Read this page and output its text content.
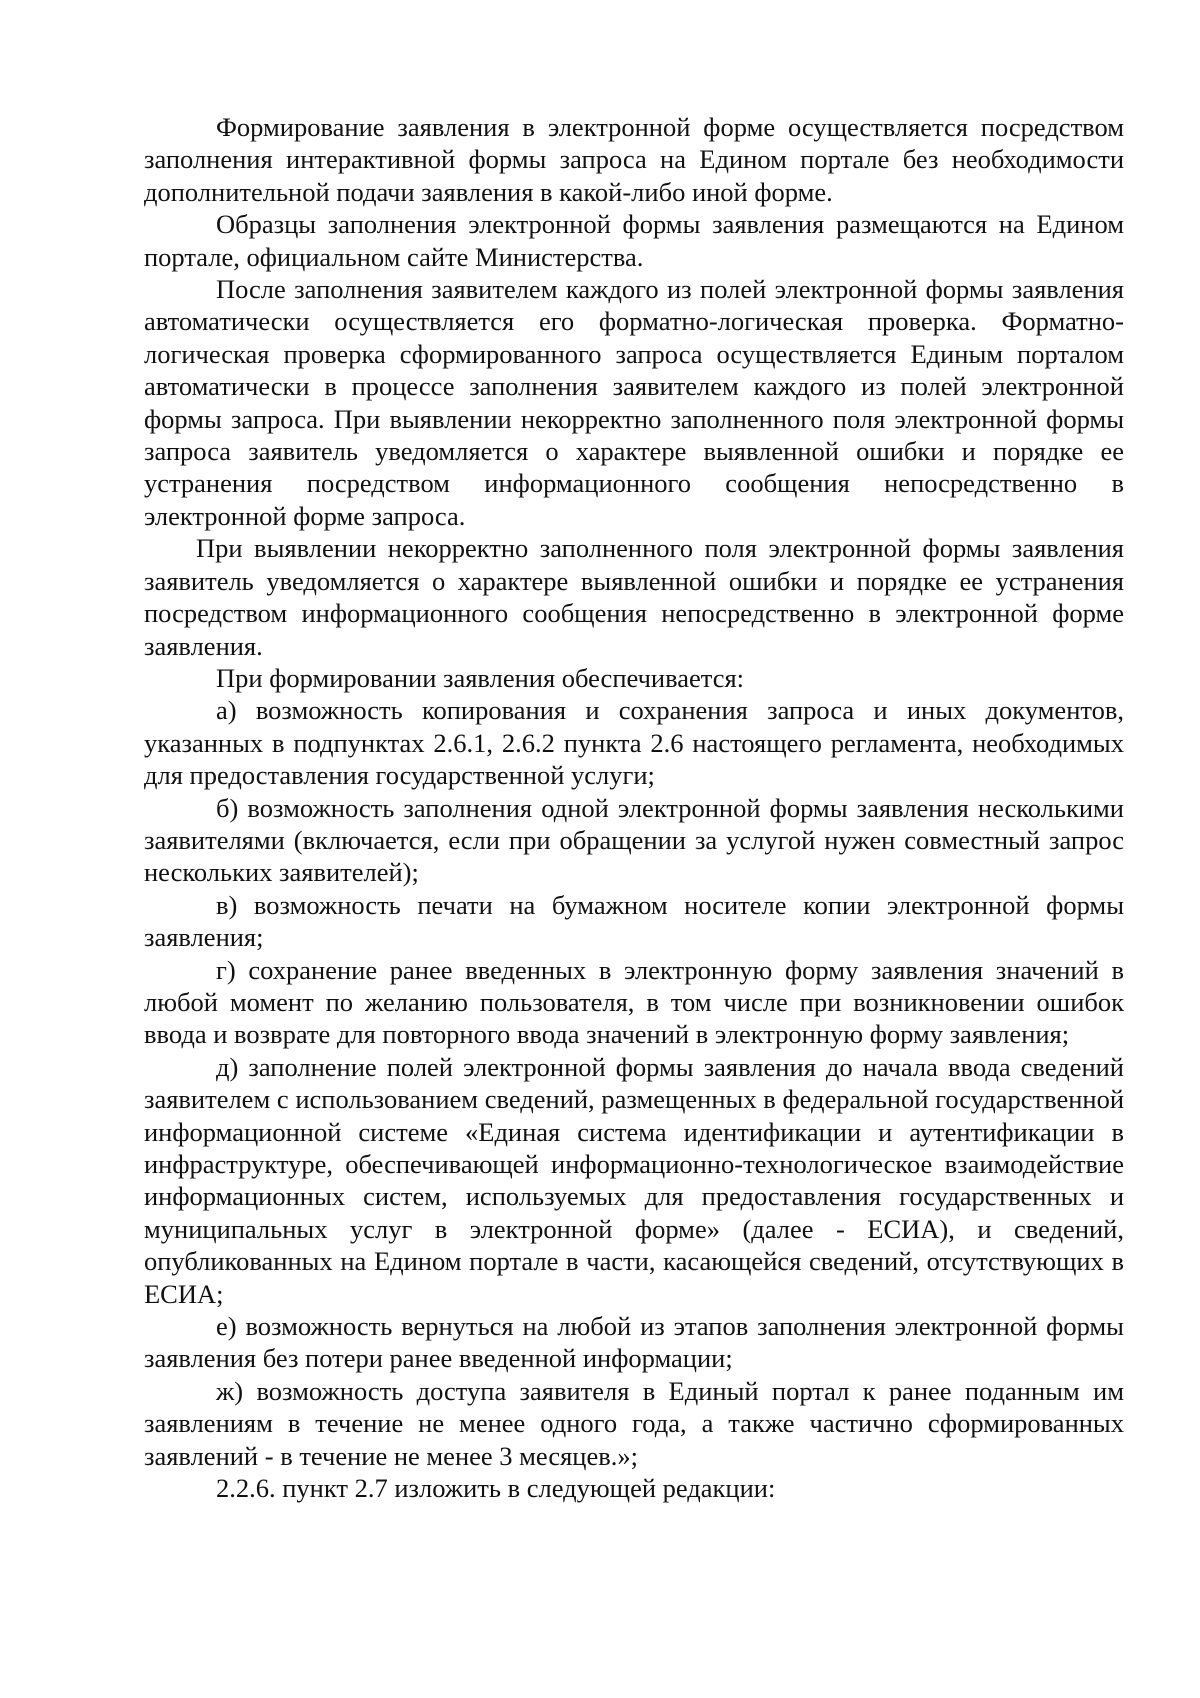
Формирование заявления в электронной форме осуществляется посредством заполнения интерактивной формы запроса на Едином портале без необходимости дополнительной подачи заявления в какой-либо иной форме.

Образцы заполнения электронной формы заявления размещаются на Едином портале, официальном сайте Министерства.

После заполнения заявителем каждого из полей электронной формы заявления автоматически осуществляется его форматно-логическая проверка. Форматно-логическая проверка сформированного запроса осуществляется Единым порталом автоматически в процессе заполнения заявителем каждого из полей электронной формы запроса. При выявлении некорректно заполненного поля электронной формы запроса заявитель уведомляется о характере выявленной ошибки и порядке ее устранения посредством информационного сообщения непосредственно в электронной форме запроса.

При выявлении некорректно заполненного поля электронной формы заявления заявитель уведомляется о характере выявленной ошибки и порядке ее устранения посредством информационного сообщения непосредственно в электронной форме заявления.

При формировании заявления обеспечивается:

а) возможность копирования и сохранения запроса и иных документов, указанных в подпунктах 2.6.1, 2.6.2 пункта 2.6 настоящего регламента, необходимых для предоставления государственной услуги;

б) возможность заполнения одной электронной формы заявления несколькими заявителями (включается, если при обращении за услугой нужен совместный запрос нескольких заявителей);

в) возможность печати на бумажном носителе копии электронной формы заявления;

г) сохранение ранее введенных в электронную форму заявления значений в любой момент по желанию пользователя, в том числе при возникновении ошибок ввода и возврате для повторного ввода значений в электронную форму заявления;

д) заполнение полей электронной формы заявления до начала ввода сведений заявителем с использованием сведений, размещенных в федеральной государственной информационной системе «Единая система идентификации и аутентификации в инфраструктуре, обеспечивающей информационно-технологическое взаимодействие информационных систем, используемых для предоставления государственных и муниципальных услуг в электронной форме» (далее - ЕСИА), и сведений, опубликованных на Едином портале в части, касающейся сведений, отсутствующих в ЕСИА;

е) возможность вернуться на любой из этапов заполнения электронной формы заявления без потери ранее введенной информации;

ж) возможность доступа заявителя в Единый портал к ранее поданным им заявлениям в течение не менее одного года, а также частично сформированных заявлений - в течение не менее 3 месяцев.»;

2.2.6. пункт 2.7 изложить в следующей редакции:
